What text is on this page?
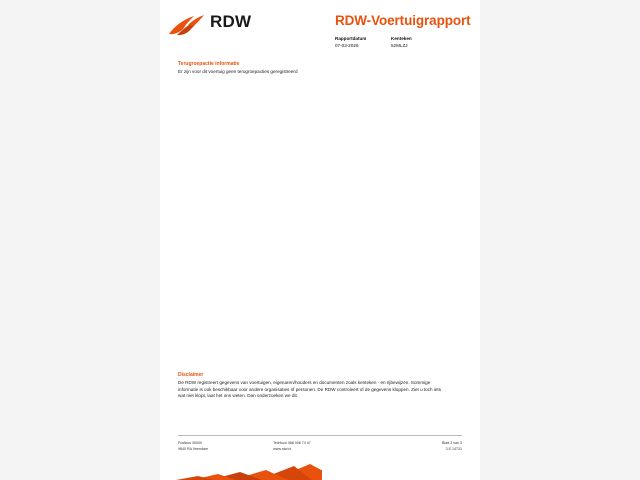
RDW	RDW-Voertuigrapport
Rapportdatum	Kenteken
07-03-2026	52MLZJ
Terugroepactie informatie
Er zijn voor dit voertuig geen terugroepacties geregistreerd
Disclaimer
De RDW registreert gegevens van voertuigen, eigenaren/houders en documenten zoals kenteken - en rijbewijzen. Sommige informatie is ook beschikbaar voor andere organisaties of personen. De RDW controleert of de gegevens kloppen. Ziet u toch iets wat niet klopt, laat het ons weten. Dan onderzoeken we dit.
Postbus 30000
9640 RA Veendam
Telefoon 088 008 74 47
www.rdw.nl
Blad 3 van 3
3 E.14731
